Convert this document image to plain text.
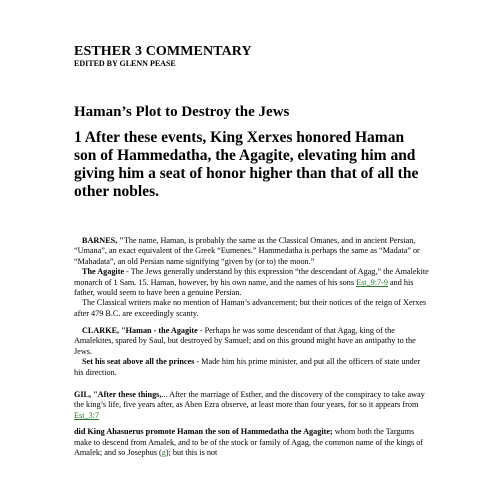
ESTHER 3 COMMENTARY
EDITED BY GLENN PEASE
Haman’s Plot to Destroy the Jews
1 After these events, King Xerxes honored Haman son of Hammedatha, the Agagite, elevating him and giving him a seat of honor higher than that of all the other nobles.

BARNES, "The name, Haman, is probably the same as the Classical Omanes, and in ancient Persian, “Umana”, an exact equivalent of the Greek “Eumenes.” Hammedatha is perhaps the same as “Madata” or “Mahadata”, an old Persian name signifying “given by (or to) the moon.”

The Agagite - The Jews generally understand by this expression “the descendant of Agag,” the Amalekite monarch of 1 Sam. 15. Haman, however, by his own name, and the names of his sons Est_9:7-9 and his father, would seem to have been a genuine Persian.

The Classical writers make no mention of Haman’s advancement; but their notices of the reign of Xerxes after 479 B.C. are exceedingly scanty.

CLARKE, "Haman - the Agagite - Perhaps he was some descendant of that Agag, king of the Amalekites, spared by Saul, but destroyed by Samuel; and on this ground might have an antipathy to the Jews.

Set his seat above all the princes - Made him his prime minister, and put all the officers of state under his direction.

GIL, "After these things,... After the marriage of Esther, and the discovery of the conspiracy to take away the king’s life, five years after, as Aben Ezra observe, at least more than four years, for so it appears from Est_3:7

did King Ahasuerus promote Haman the son of Hammedatha the Agagite; whom both the Targums make to descend from Amalek, and to be of the stock or family of Agag, the common name of the kings of Amalek; and so Josephus (g); but this is not
